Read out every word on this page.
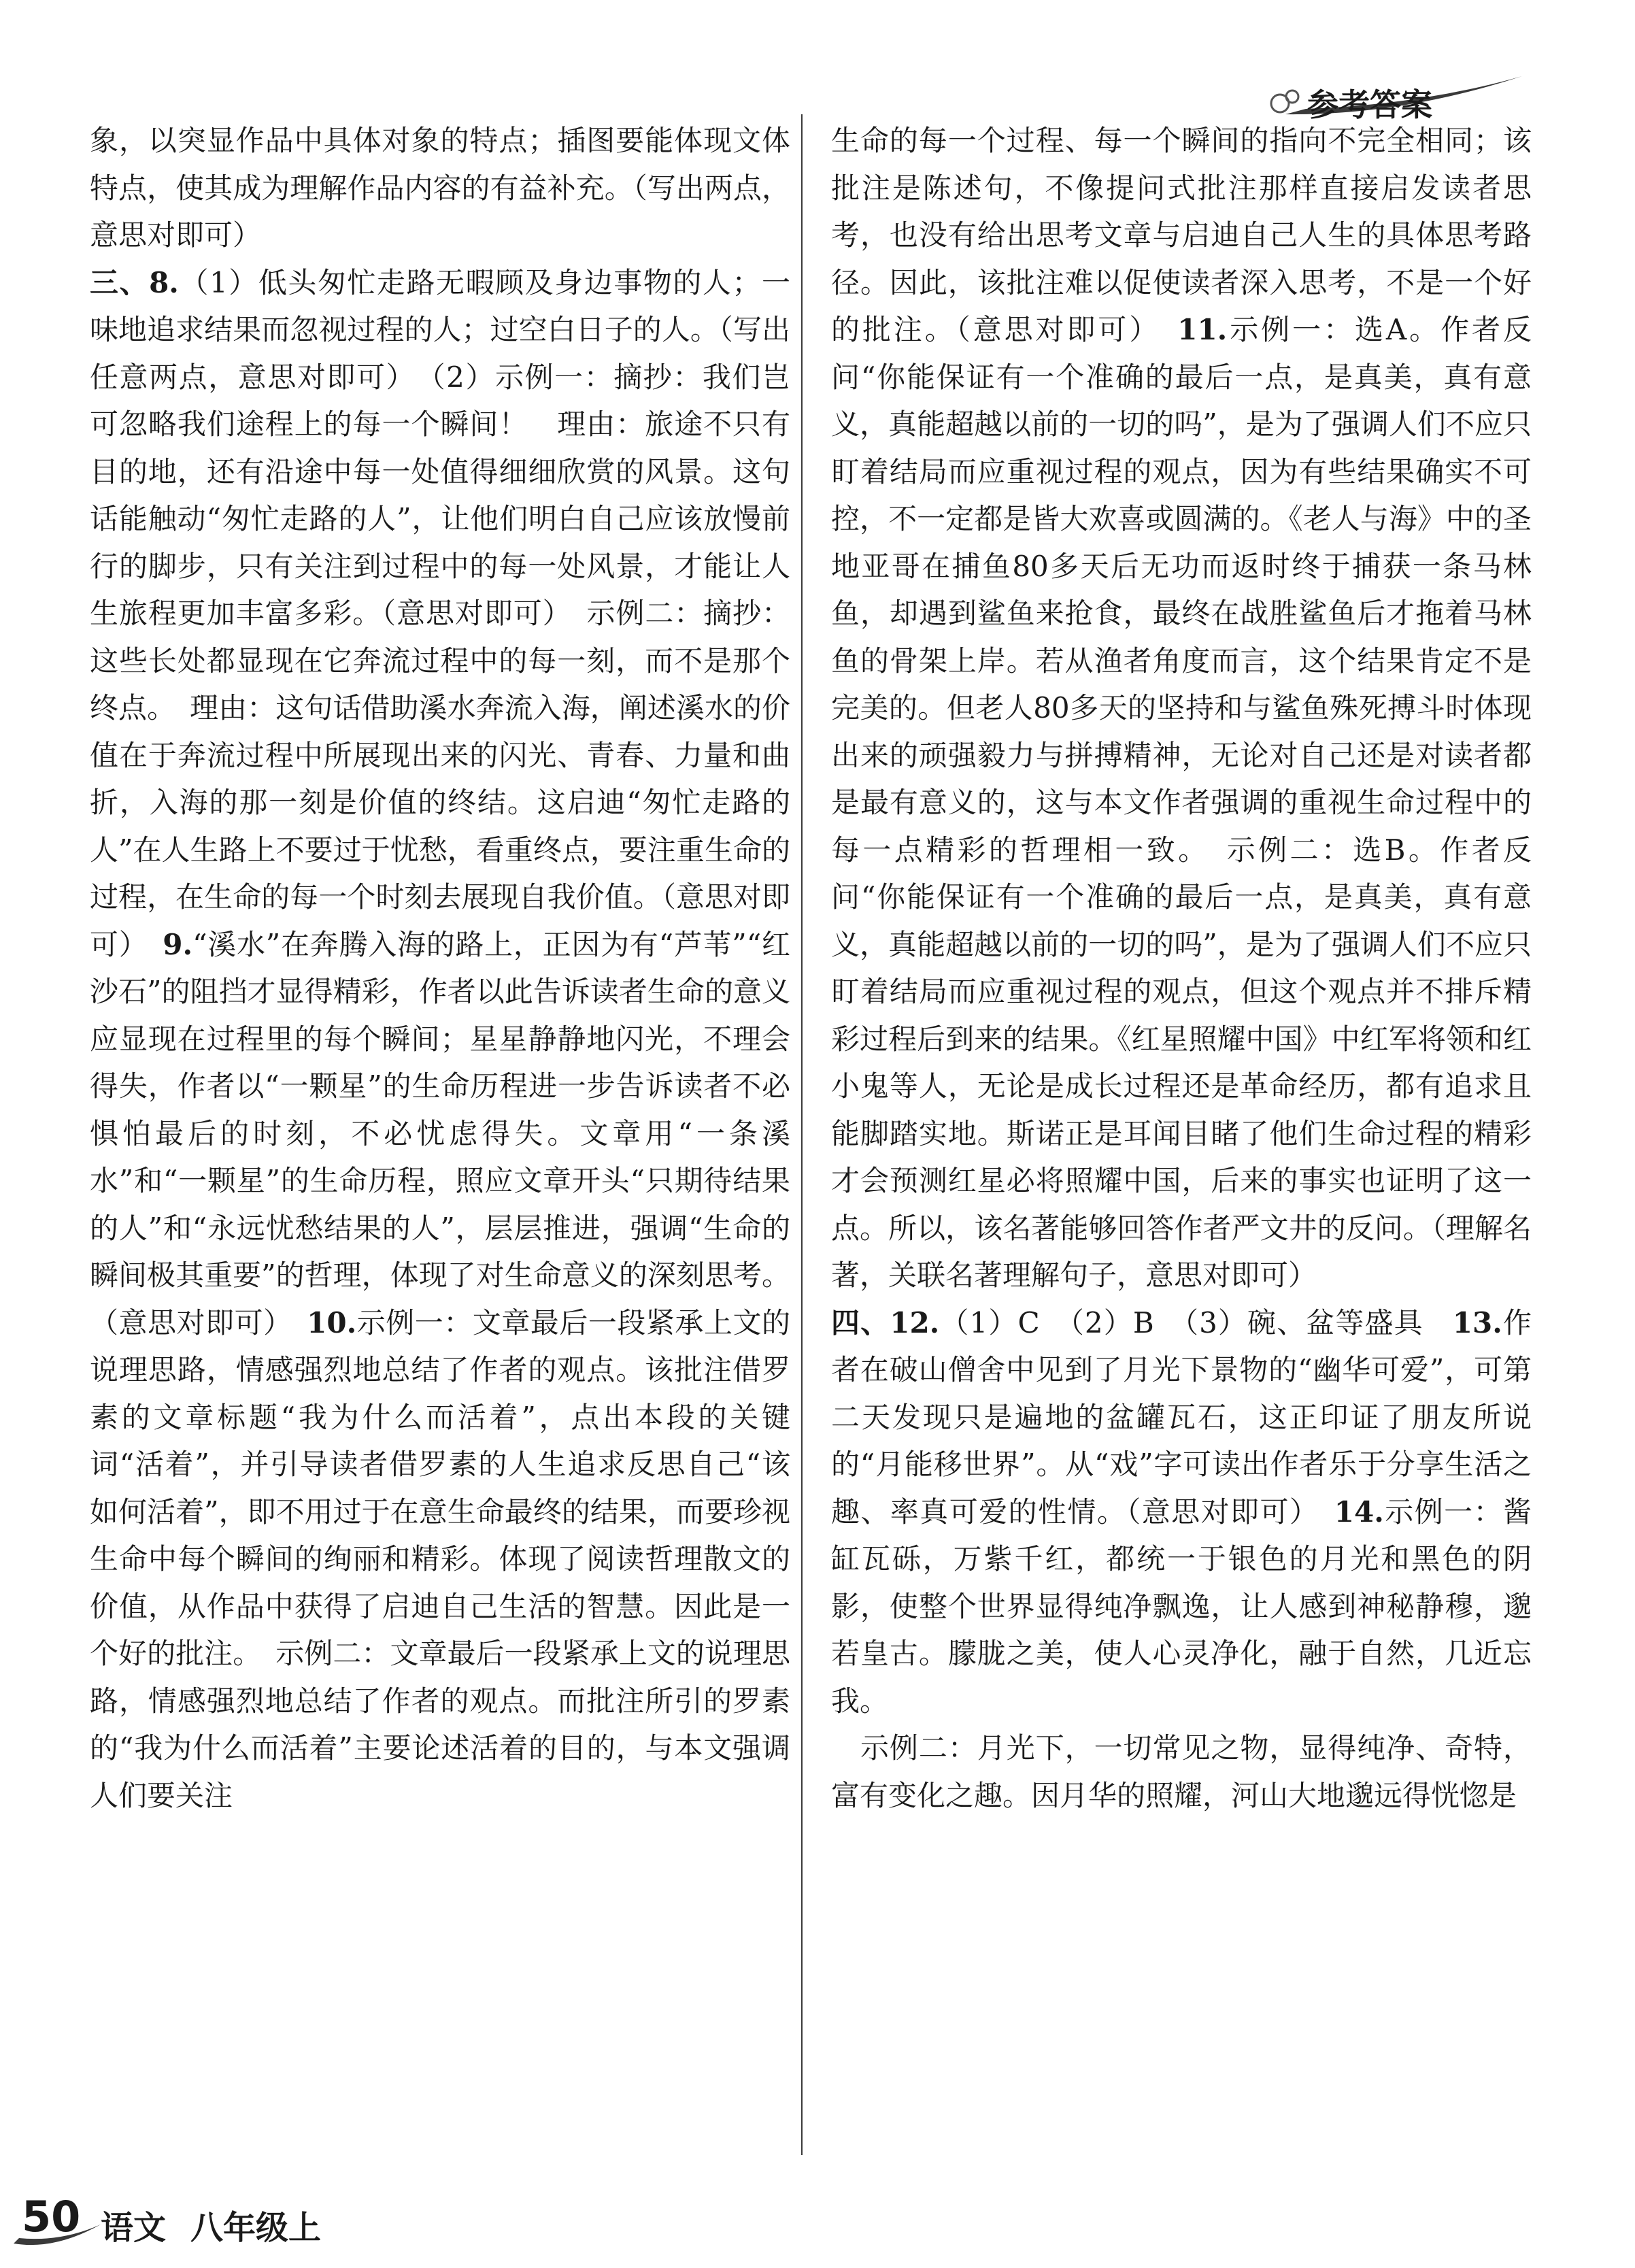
参考答案
象，以突显作品中具体对象的特点；插图要能体现文体特点，使其成为理解作品内容的有益补充。（写出两点，意思对即可）
三、8.（1）低头匆忙走路无暇顾及身边事物的人；一味地追求结果而忽视过程的人；过空白日子的人。（写出任意两点，意思对即可）　（2）示例一：摘抄：我们岂可忽略我们途程上的每一个瞬间！　理由：旅途不只有目的地，还有沿途中每一处值得细细欣赏的风景。这句话能触动“匆忙走路的人”，让他们明白自己应该放慢前行的脚步，只有关注到过程中的每一处风景，才能让人生旅程更加丰富多彩。（意思对即可）　示例二：摘抄：这些长处都显现在它奔流过程中的每一刻，而不是那个终点。　理由：这句话借助溪水奔流入海，阐述溪水的价值在于奔流过程中所展现出来的闪光、青春、力量和曲折，入海的那一刻是价值的终结。这启迪“匆忙走路的人”在人生路上不要过于忧愁，看重终点，要注重生命的过程，在生命的每一个时刻去展现自我价值。（意思对即可）　9.“溪水”在奔腾入海的路上，正因为有“芦苇”“红沙石”的阻挡才显得精彩，作者以此告诉读者生命的意义应显现在过程里的每个瞬间；星星静静地闪光，不理会得失，作者以“一颗星”的生命历程进一步告诉读者不必惧怕最后的时刻，不必忧虑得失。文章用“一条溪水”和“一颗星”的生命历程，照应文章开头“只期待结果的人”和“永远忧愁结果的人”，层层推进，强调“生命的瞬间极其重要”的哲理，体现了对生命意义的深刻思考。（意思对即可）　10.示例一：文章最后一段紧承上文的说理思路，情感强烈地总结了作者的观点。该批注借罗素的文章标题“我为什么而活着”，点出本段的关键词“活着”，并引导读者借罗素的人生追求反思自己“该如何活着”，即不用过于在意生命最终的结果，而要珍视生命中每个瞬间的绚丽和精彩。体现了阅读哲理散文的价值，从作品中获得了启迪自己生活的智慧。因此是一个好的批注。　示例二：文章最后一段紧承上文的说理思路，情感强烈地总结了作者的观点。而批注所引的罗素的“我为什么而活着”主要论述活着的目的，与本文强调人们要关注
生命的每一个过程、每一个瞬间的指向不完全相同；该批注是陈述句，不像提问式批注那样直接启发读者思考，也没有给出思考文章与启迪自己人生的具体思考路径。因此，该批注难以促使读者深入思考，不是一个好的批注。（意思对即可）　11.示例一：选A。作者反问“你能保证有一个准确的最后一点，是真美，真有意义，真能超越以前的一切的吗”，是为了强调人们不应只盯着结局而应重视过程的观点，因为有些结果确实不可控，不一定都是皆大欢喜或圆满的。《老人与海》中的圣地亚哥在捕鱼80多天后无功而返时终于捕获一条马林鱼，却遇到鲨鱼来抢食，最终在战胜鲨鱼后才拖着马林鱼的骨架上岸。若从渔者角度而言，这个结果肯定不是完美的。但老人80多天的坚持和与鲨鱼殊死搏斗时体现出来的顽强毅力与拼搏精神，无论对自己还是对读者都是最有意义的，这与本文作者强调的重视生命过程中的每一点精彩的哲理相一致。　示例二：选B。作者反问“你能保证有一个准确的最后一点，是真美，真有意义，真能超越以前的一切的吗”，是为了强调人们不应只盯着结局而应重视过程的观点，但这个观点并不排斥精彩过程后到来的结果。《红星照耀中国》中红军将领和红小鬼等人，无论是成长过程还是革命经历，都有追求且能脚踏实地。斯诺正是耳闻目睹了他们生命过程的精彩才会预测红星必将照耀中国，后来的事实也证明了这一点。所以，该名著能够回答作者严文井的反问。（理解名著，关联名著理解句子，意思对即可）
四、12.（1）C　（2）B　（3）碗、盆等盛具　13.作者在破山僧舍中见到了月光下景物的“幽华可爱”，可第二天发现只是遍地的盆罐瓦石，这正印证了朋友所说的“月能移世界”。从“戏”字可读出作者乐于分享生活之趣、率真可爱的性情。（意思对即可）　14.示例一：酱缸瓦砾，万紫千红，都统一于银色的月光和黑色的阴影，使整个世界显得纯净飘逸，让人感到神秘静穆，邈若皇古。朦胧之美，使人心灵净化，融于自然，几近忘我。
　示例二：月光下，一切常见之物，显得纯净、奇特，富有变化之趣。因月华的照耀，河山大地邈远得恍惚是
50 语文 八年级上
